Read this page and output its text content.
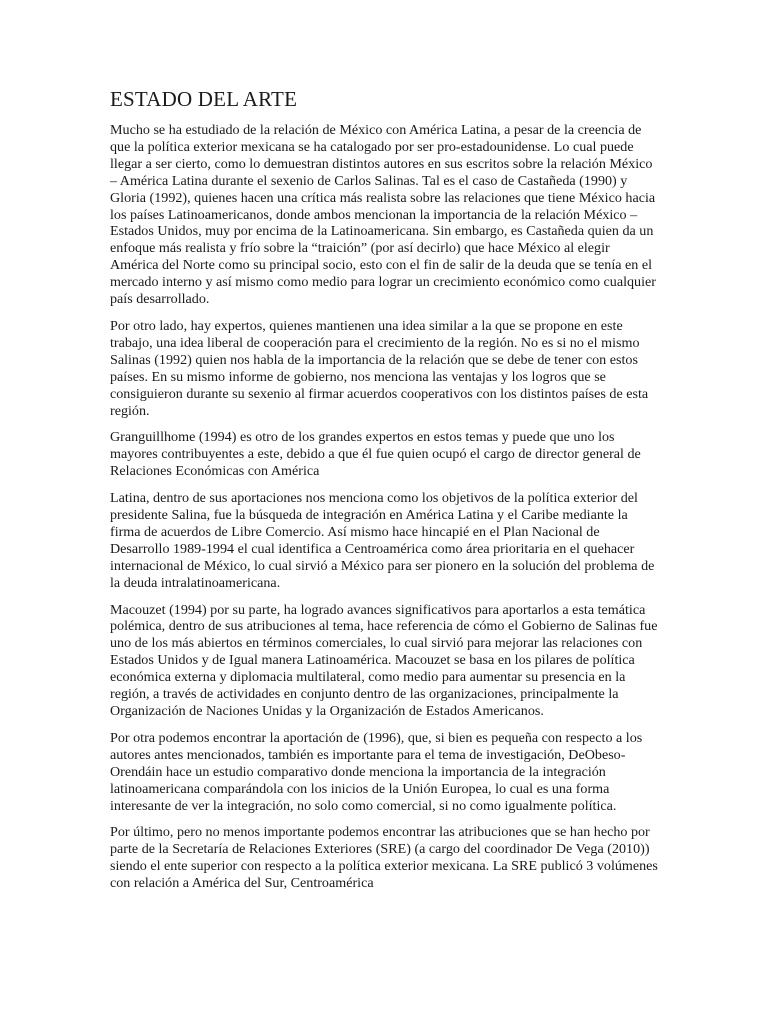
ESTADO DEL ARTE

Mucho se ha estudiado de la relación de México con América Latina, a pesar de la creencia de que la política exterior mexicana se ha catalogado por ser pro-estadounidense. Lo cual puede llegar a ser cierto, como lo demuestran distintos autores en sus escritos sobre la relación México – América Latina durante el sexenio de Carlos Salinas. Tal es el caso de Castañeda (1990) y Gloria (1992), quienes hacen una crítica más realista sobre las relaciones que tiene México hacia los países Latinoamericanos, donde ambos mencionan la importancia de la relación México – Estados Unidos, muy por encima de la Latinoamericana. Sin embargo, es Castañeda quien da un enfoque más realista y frío sobre la “traición” (por así decirlo) que hace México al elegir América del Norte como su principal socio, esto con el fin de salir de la deuda que se tenía en el mercado interno y así mismo como medio para lograr un crecimiento económico como cualquier país desarrollado.

Por otro lado, hay expertos, quienes mantienen una idea similar a la que se propone en este trabajo, una idea liberal de cooperación para el crecimiento de la región. No es si no el mismo Salinas (1992) quien nos habla de la importancia de la relación que se debe de tener con estos países. En su mismo informe de gobierno, nos menciona las ventajas y los logros que se consiguieron durante su sexenio al firmar acuerdos cooperativos con los distintos países de esta región.

Granguillhome (1994) es otro de los grandes expertos en estos temas y puede que uno los mayores contribuyentes a este, debido a que él fue quien ocupó el cargo de director general de Relaciones Económicas con América

Latina, dentro de sus aportaciones nos menciona como los objetivos de la política exterior del presidente Salina, fue la búsqueda de integración en América Latina y el Caribe mediante la firma de acuerdos de Libre Comercio. Así mismo hace hincapié en el Plan Nacional de Desarrollo 1989-1994 el cual identifica a Centroamérica como área prioritaria en el quehacer internacional de México, lo cual sirvió a México para ser pionero en la solución del problema de la deuda intralatinoamericana.

Macouzet (1994) por su parte, ha logrado avances significativos para aportarlos a esta temática polémica, dentro de sus atribuciones al tema, hace referencia de cómo el Gobierno de Salinas fue uno de los más abiertos en términos comerciales, lo cual sirvió para mejorar las relaciones con Estados Unidos y de Igual manera Latinoamérica. Macouzet se basa en los pilares de política económica externa y diplomacia multilateral, como medio para aumentar su presencia en la región, a través de actividades en conjunto dentro de las organizaciones, principalmente la Organización de Naciones Unidas y la Organización de Estados Americanos.

Por otra podemos encontrar la aportación de (1996), que, si bien es pequeña con respecto a los autores antes mencionados, también es importante para el tema de investigación, DeObeso-Orendáin hace un estudio comparativo donde menciona la importancia de la integración latinoamericana comparándola con los inicios de la Unión Europea, lo cual es una forma interesante de ver la integración, no solo como comercial, si no como igualmente política.

Por último, pero no menos importante podemos encontrar las atribuciones que se han hecho por parte de la Secretaría de Relaciones Exteriores (SRE) (a cargo del coordinador De Vega (2010)) siendo el ente superior con respecto a la política exterior mexicana. La SRE publicó 3 volúmenes con relación a América del Sur, Centroamérica
